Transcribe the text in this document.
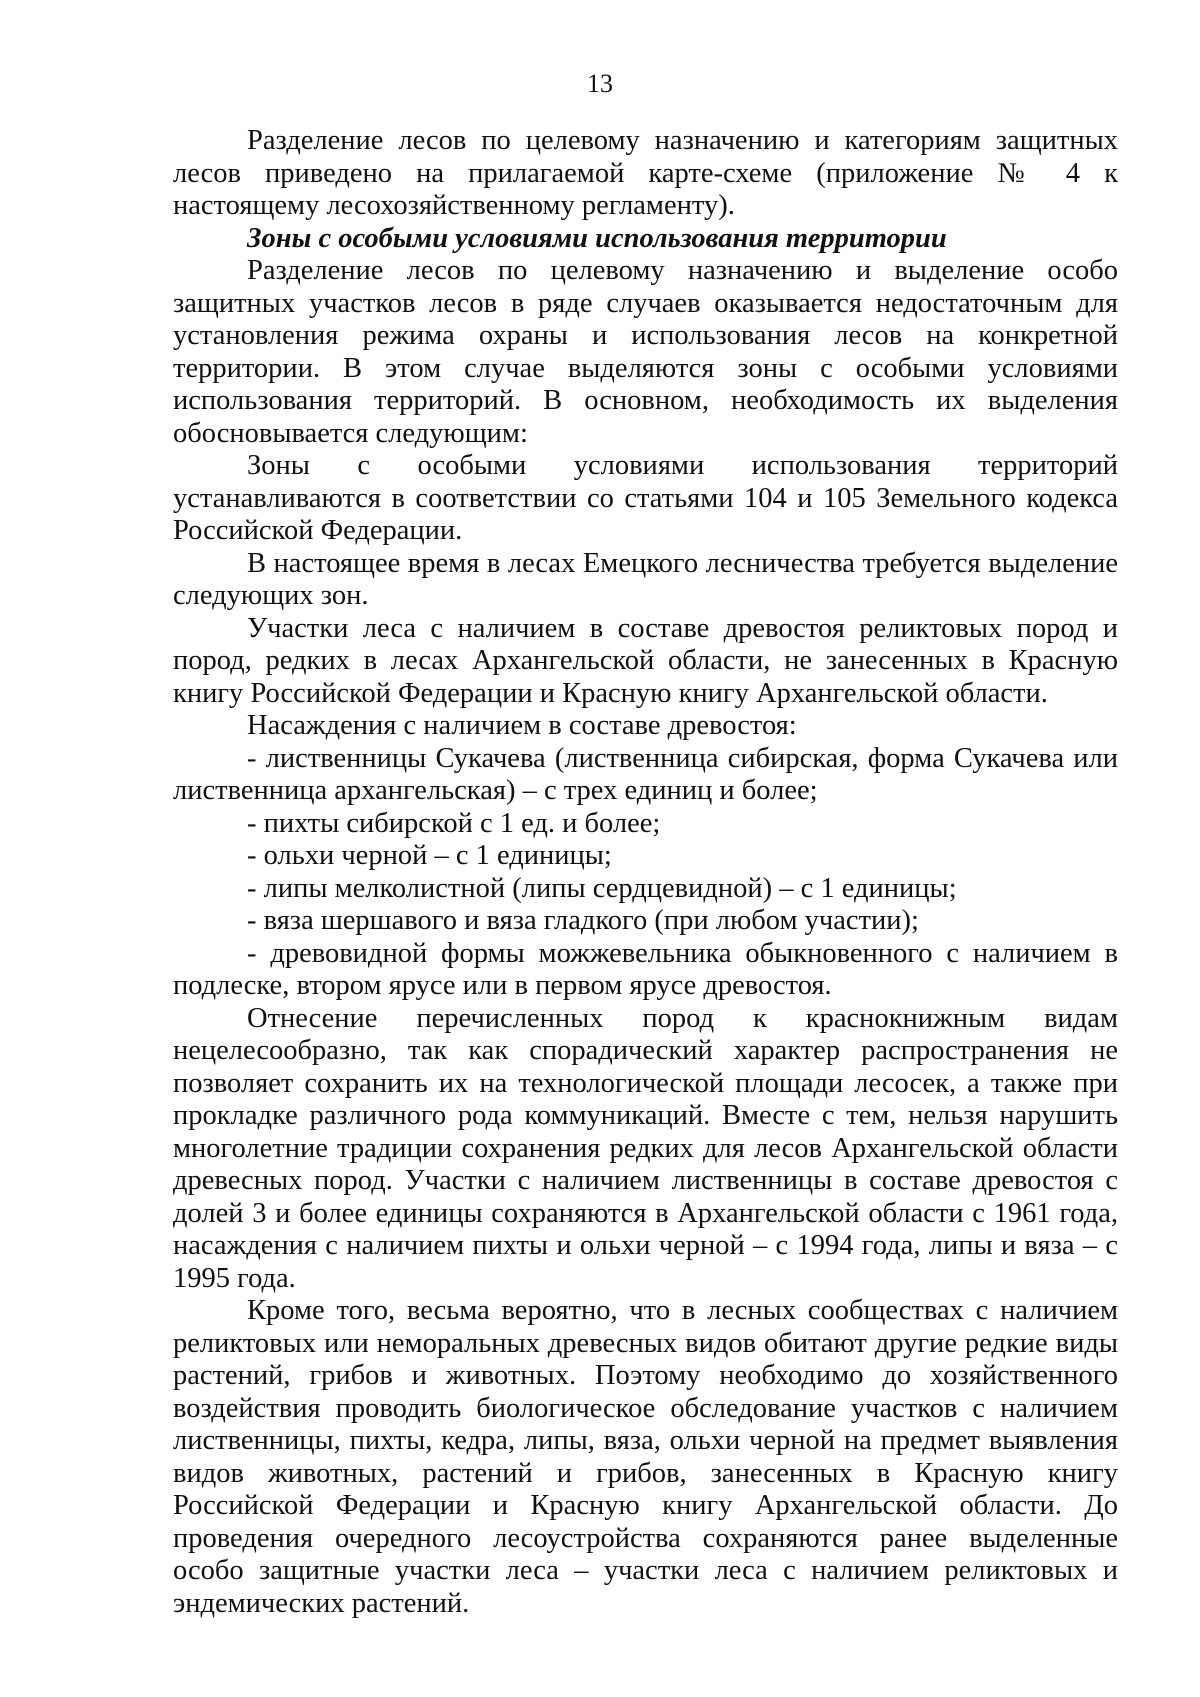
13

Разделение лесов по целевому назначению и категориям защитных лесов приведено на прилагаемой карте-схеме (приложение № 4 к настоящему лесохозяйственному регламенту).

Зоны с особыми условиями использования территории

Разделение лесов по целевому назначению и выделение особо защитных участков лесов в ряде случаев оказывается недостаточным для установления режима охраны и использования лесов на конкретной территории. В этом случае выделяются зоны с особыми условиями использования территорий. В основном, необходимость их выделения обосновывается следующим:

Зоны с особыми условиями использования территорий устанавливаются в соответствии со статьями 104 и 105 Земельного кодекса Российской Федерации.

В настоящее время в лесах Емецкого лесничества требуется выделение следующих зон.

Участки леса с наличием в составе древостоя реликтовых пород и пород, редких в лесах Архангельской области, не занесенных в Красную книгу Российской Федерации и Красную книгу Архангельской области.

Насаждения с наличием в составе древостоя:

- лиственницы Сукачева (лиственница сибирская, форма Сукачева или лиственница архангельская) – с трех единиц и более;

- пихты сибирской с 1 ед. и более;

- ольхи черной – с 1 единицы;

- липы мелколистной (липы сердцевидной) – с 1 единицы;

- вяза шершавого и вяза гладкого (при любом участии);

- древовидной формы можжевельника обыкновенного с наличием в подлеске, втором ярусе или в первом ярусе древостоя.

Отнесение перечисленных пород к краснокнижным видам нецелесообразно, так как спорадический характер распространения не позволяет сохранить их на технологической площади лесосек, а также при прокладке различного рода коммуникаций. Вместе с тем, нельзя нарушить многолетние традиции сохранения редких для лесов Архангельской области древесных пород. Участки с наличием лиственницы в составе древостоя с долей 3 и более единицы сохраняются в Архангельской области с 1961 года, насаждения с наличием пихты и ольхи черной – с 1994 года, липы и вяза – с 1995 года.

Кроме того, весьма вероятно, что в лесных сообществах с наличием реликтовых или неморальных древесных видов обитают другие редкие виды растений, грибов и животных. Поэтому необходимо до хозяйственного воздействия проводить биологическое обследование участков с наличием лиственницы, пихты, кедра, липы, вяза, ольхи черной на предмет выявления видов животных, растений и грибов, занесенных в Красную книгу Российской Федерации и Красную книгу Архангельской области. До проведения очередного лесоустройства сохраняются ранее выделенные особо защитные участки леса – участки леса с наличием реликтовых и эндемических растений.
